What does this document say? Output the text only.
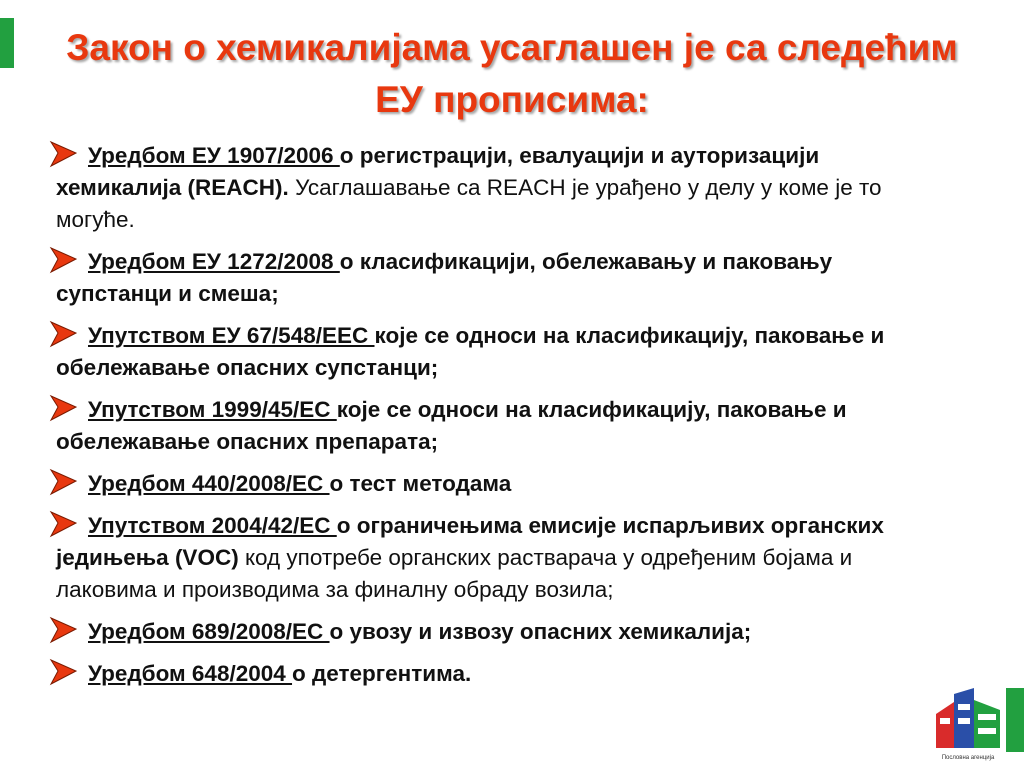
Закон о хемикалијама усаглашен је са следећим ЕУ прописима:
Уредбом ЕУ 1907/2006 о регистрацији, евалуацији и ауторизацији хемикалија (REACH). Усаглашавање са REACH је урађено у делу у коме је то могуће.
Уредбом ЕУ 1272/2008 о класификацији, обележавању и паковању супстанци и смеша;
Упутством ЕУ 67/548/ЕЕС које се односи на класификацију, паковање и обележавање опасних супстанци;
Упутством 1999/45/ЕС које се односи на класификацију, паковање и обележавање опасних препарата;
Уредбом 440/2008/ЕС о тест методама
Упутством 2004/42/ЕС о ограничењима емисије испарљивих органских једињења (VOC) код употребе органских растварача у одређеним бојама и лаковима и производима за финалну обраду возила;
Уредбом 689/2008/ЕС о увозу и извозу опасних хемикалија;
Уредбом 648/2004 о детергентима.
Пословна агенција
